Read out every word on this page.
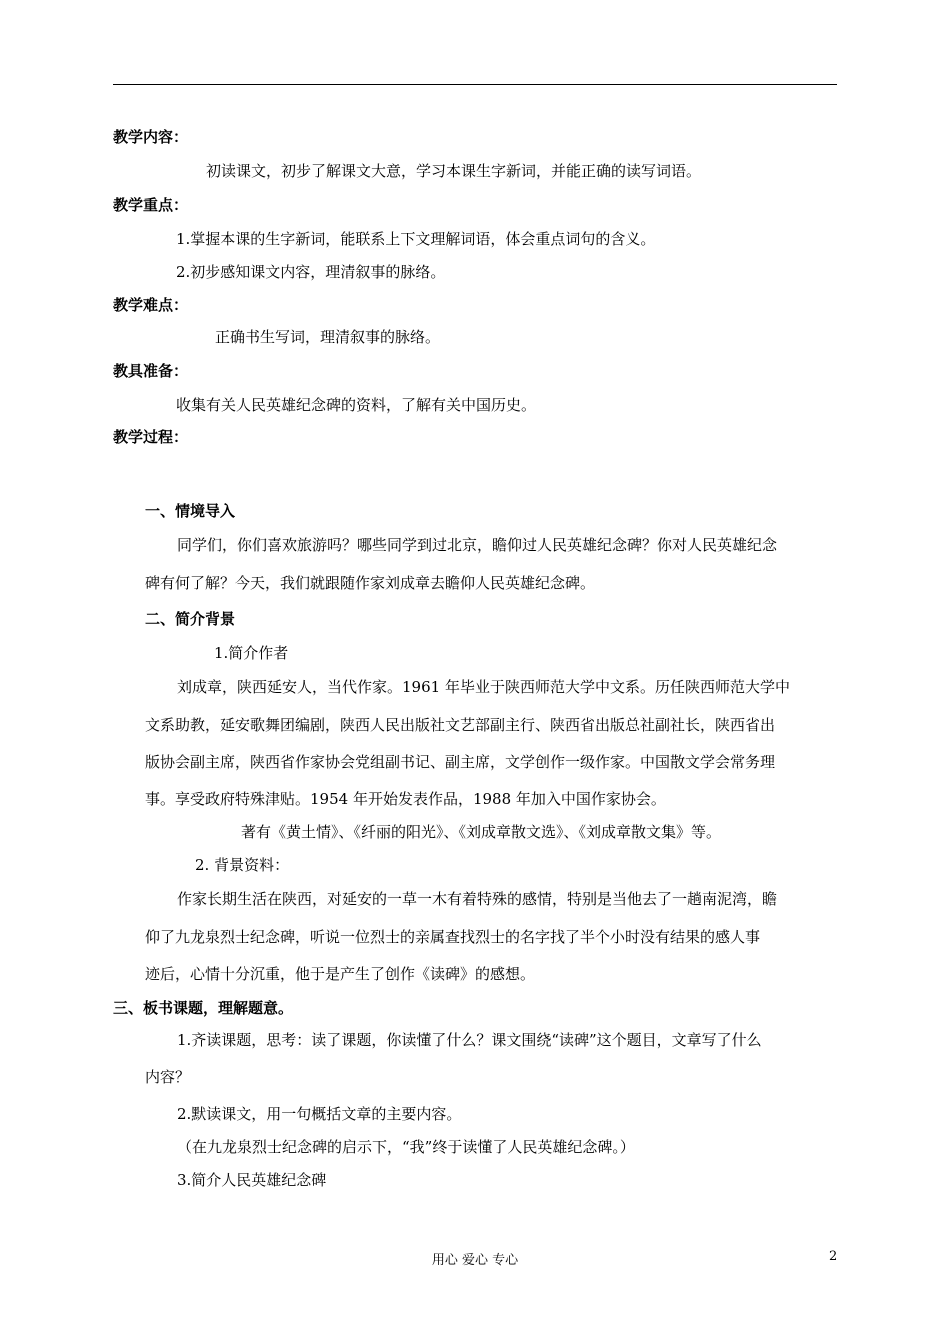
教学内容：
初读课文，初步了解课文大意，学习本课生字新词，并能正确的读写词语。
教学重点：
1.掌握本课的生字新词，能联系上下文理解词语，体会重点词句的含义。
2.初步感知课文内容，理清叙事的脉络。
教学难点：
正确书生写词，理清叙事的脉络。
教具准备：
收集有关人民英雄纪念碑的资料，了解有关中国历史。
教学过程：
一、情境导入
同学们，你们喜欢旅游吗？哪些同学到过北京，瞻仰过人民英雄纪念碑？你对人民英雄纪念
碑有何了解？今天，我们就跟随作家刘成章去瞻仰人民英雄纪念碑。
二、简介背景
1.简介作者
刘成章，陕西延安人，当代作家。1961 年毕业于陕西师范大学中文系。历任陕西师范大学中
文系助教，延安歌舞团编剧，陕西人民出版社文艺部副主行、陕西省出版总社副社长，陕西省出
版协会副主席，陕西省作家协会党组副书记、副主席，文学创作一级作家。中国散文学会常务理
事。享受政府特殊津贴。1954 年开始发表作品，1988 年加入中国作家协会。
著有《黄土情》、《纤丽的阳光》、《刘成章散文选》、《刘成章散文集》等。
2. 背景资料：
作家长期生活在陕西，对延安的一草一木有着特殊的感情，特别是当他去了一趟南泥湾，瞻
仰了九龙泉烈士纪念碑，听说一位烈士的亲属查找烈士的名字找了半个小时没有结果的感人事
迹后，心情十分沉重，他于是产生了创作《读碑》的感想。
三、板书课题，理解题意。
1.齐读课题，思考：读了课题，你读懂了什么？课文围绕“读碑”这个题目，文章写了什么
内容？
2.默读课文，用一句概括文章的主要内容。
（在九龙泉烈士纪念碑的启示下，“我”终于读懂了人民英雄纪念碑。）
3.简介人民英雄纪念碑
用心 爱心 专心	2
